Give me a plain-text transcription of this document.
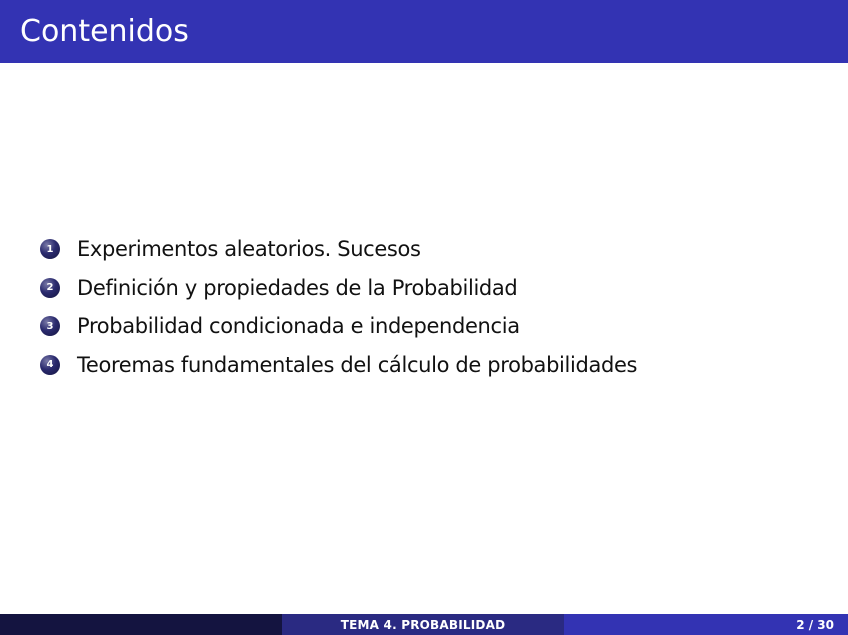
Contenidos
1	Experimentos aleatorios. Sucesos
2	Definición y propiedades de la Probabilidad
3	Probabilidad condicionada e independencia
4	Teoremas fundamentales del cálculo de probabilidades
TEMA 4. PROBABILIDAD	2 / 30
